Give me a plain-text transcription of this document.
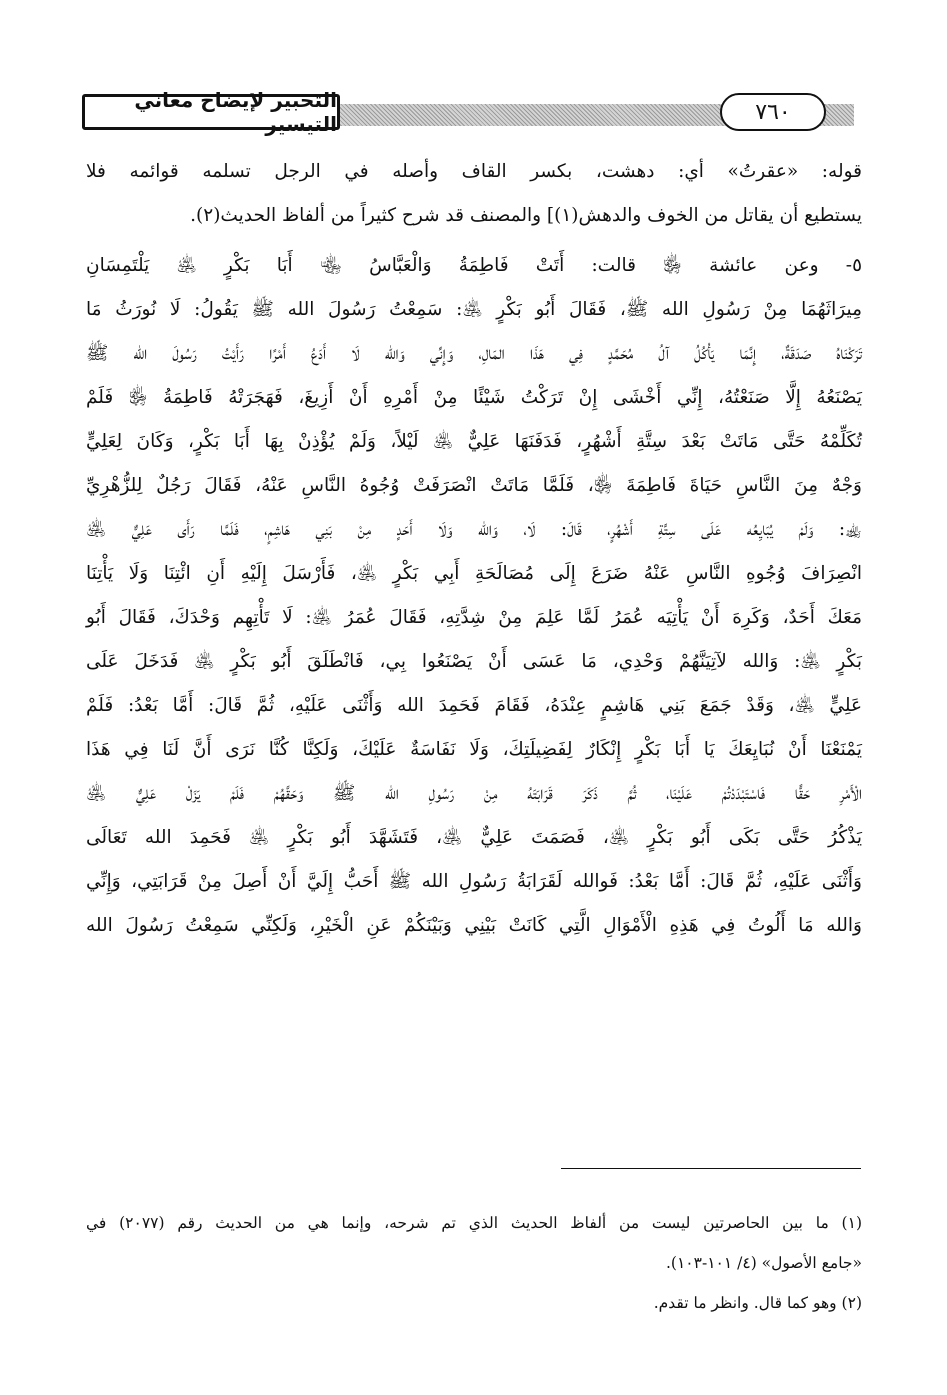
التحبير لإيضاح معاني التيسير	٧٦٠

قوله: «عقرتُ» أي: دهشت، بكسر القاف وأصله في الرجل تسلمه قوائمه فلا

يستطيع أن يقاتل من الخوف والدهش(١)] والمصنف قد شرح كثيراً من ألفاظ الحديث(٢).

٥- وعن عائشة ﵂ قالت: أَتَتْ فَاطِمَةُ وَالْعَبَّاسُ ﵄ أَبَا بَكْرٍ ﵁ يَلْتَمِسَانِ

مِيرَاثَهُمَا مِنْ رَسُولِ الله ﷺ، فَقَالَ أَبُو بَكْرٍ ﵁: سَمِعْتُ رَسُولَ الله ﷺ يَقُولُ: لَا نُورَثُ مَا

تَرَكْنَاهُ صَدَقَةٌ، إِنَّمَا يَأْكُلُ آلُ مُحَمَّدٍ فِي هَذَا المَالِ، وَإِنِّي وَالله لَا أَدَعُ أَمْرًا رَأَيْتُ رَسُولَ الله ﷺ

يَصْنَعُهُ إِلَّا صَنَعْتُهُ، إِنِّي أَخْشَى إِنْ تَرَكْتُ شَيْئًا مِنْ أَمْرِهِ أَنْ أَزِيغَ، فَهَجَرَتْهُ فَاطِمَةُ ﵂ فَلَمْ

تُكَلِّمْهُ حَتَّى مَاتَتْ بَعْدَ سِتَّةِ أَشْهُرٍ، فَدَفَنَهَا عَلِيٌّ ﵁ لَيْلاً، وَلَمْ يُؤْذِنْ بِهَا أَبَا بَكْرٍ، وَكَانَ لِعَلِيٍّ

وَجْهٌ مِنَ النَّاسِ حَيَاةَ فَاطِمَةَ ﵂، فَلَمَّا مَاتَتْ انْصَرَفَتْ وُجُوهُ النَّاسِ عَنْهُ، فَقَالَ رَجُلٌ لِلزُّهْرِيِّ

﵀: وَلَمْ يُبَايِعُه عَلَى سِتَّةِ أَشْهُرٍ، قَالَ: لَا، وَالله وَلَا أَحَدٍ مِنْ بَنِي هَاشِمٍ، فَلَمَّا رَأَى عَلِيٌّ ﵁

انْصِرَافَ وُجُوهِ النَّاسِ عَنْهُ ضَرَعَ إِلَى مُصَالَحَةِ أَبِي بَكْرٍ ﵁، فَأَرْسَلَ إِلَيْهِ أَنِ ائْتِنَا وَلَا يَأْتِنَا

مَعَكَ أَحَدٌ، وَكَرِهَ أَنْ يَأْتِيَه عُمَرُ لَمَّا عَلِمَ مِنْ شِدَّتِهِ، فَقَالَ عُمَرُ ﵁: لَا تَأْتِهِم وَحْدَكَ، فَقَالَ أَبُو

بَكْرٍ ﵁: وَالله لآتِيَنَّهُمْ وَحْدِي، مَا عَسَى أَنْ يَصْنَعُوا بِي، فَانْطَلَقَ أَبُو بَكْرٍ ﵁ فَدَخَلَ عَلَى

عَلِيٍّ ﵁، وَقَدْ جَمَعَ بَنِي هَاشِمٍ عِنْدَهُ، فَقَامَ فَحَمِدَ الله وَأَثْنَى عَلَيْهِ، ثُمَّ قَالَ: أَمَّا بَعْدُ: فَلَمْ

يَمْنَعْنَا أَنْ نُبَايِعَكَ يَا أَبَا بَكْرٍ إِنْكَارٌ لِفَضِيلَتِكَ، وَلَا نَفَاسَةٌ عَلَيْكَ، وَلَكِنَّا كُنَّا نَرَى أَنَّ لَنَا فِي هَذَا

الْأَمْرِ حَقًّا فَاسْتَبْدَدْتُمْ عَلَيْنَا، ثُمَّ ذَكَرَ قَرَابَتَهُ مِنْ رَسُولِ الله ﷺ وَحَقَّهُمْ فَلَمْ يَزَلْ عَلِيٌّ ﵁

يَذْكُرُ حَتَّى بَكَى أَبُو بَكْرٍ ﵁، فَصَمَتَ عَلِيٌّ ﵁، فَتَشَهَّدَ أَبُو بَكْرٍ ﵁ فَحَمِدَ الله تَعَالَى

وَأَثْنَى عَلَيْهِ، ثُمَّ قَالَ: أَمَّا بَعْدُ: فَوالله لَقَرَابَةُ رَسُولِ الله ﷺ أَحَبُّ إِلَيَّ أَنْ أَصِلَ مِنْ قَرَابَتِي، وَإِنِّي

وَالله مَا أَلُوتُ فِي هَذِهِ الْأَمْوَالِ الَّتِي كَانَتْ بَيْنِي وَبَيْنَكُمْ عَنِ الْخَيْرِ، وَلَكِنِّي سَمِعْتُ رَسُولَ الله

(١) ما بين الحاصرتين ليست من ألفاظ الحديث الذي تم شرحه، وإنما هي من الحديث رقم (٢٠٧٧) في

«جامع الأصول» (٤/ ١٠١-١٠٣).

(٢) وهو كما قال. وانظر ما تقدم.
